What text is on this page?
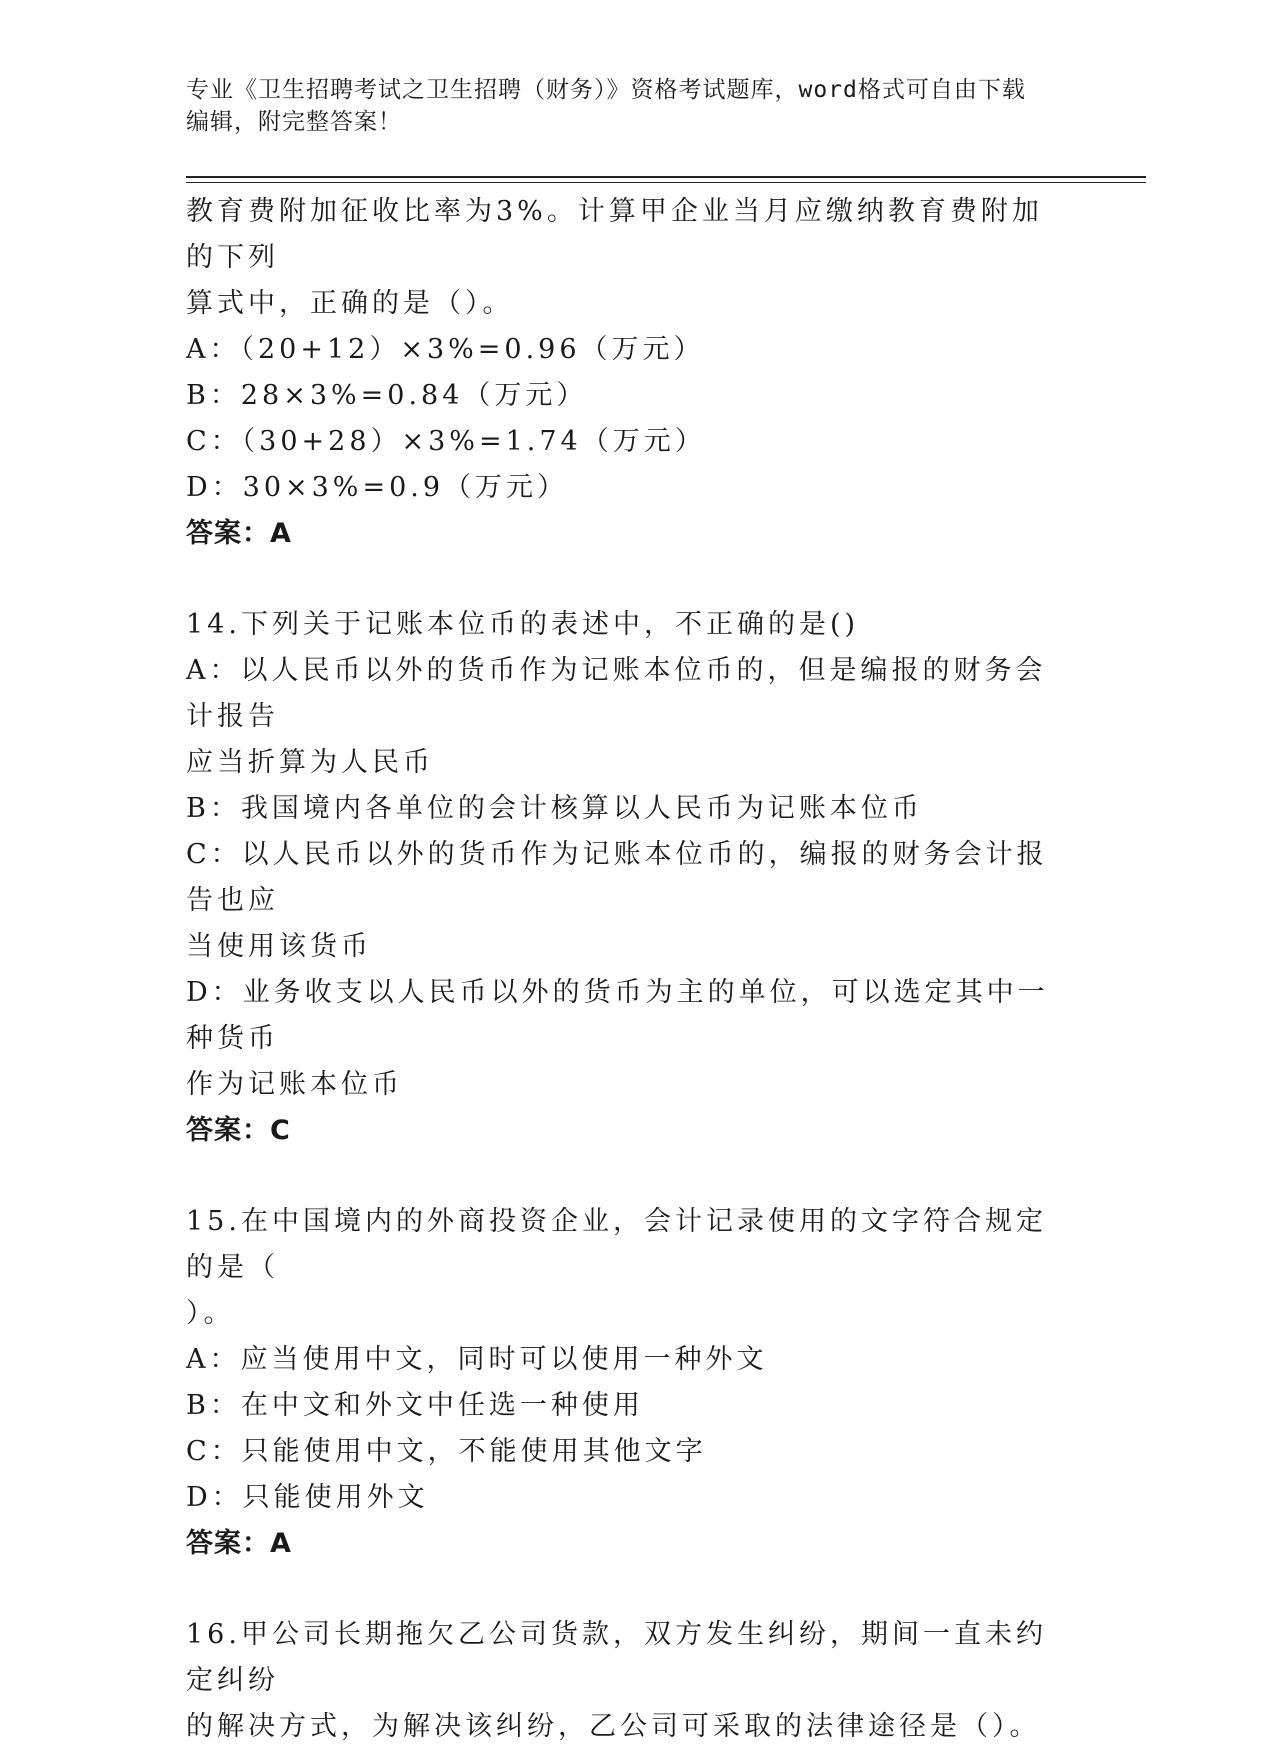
专业《卫生招聘考试之卫生招聘（财务）》资格考试题库，word格式可自由下载
编辑，附完整答案！

教育费附加征收比率为3%。计算甲企业当月应缴纳教育费附加的下列

算式中，正确的是（）。

A：（20+12）×3%=0.96（万元）

B：28×3%=0.84（万元）

C：（30+28）×3%=1.74（万元）

D：30×3%=0.9（万元）

答案：A

14.下列关于记账本位币的表述中，不正确的是()

A：以人民币以外的货币作为记账本位币的，但是编报的财务会计报告

应当折算为人民币

B：我国境内各单位的会计核算以人民币为记账本位币

C：以人民币以外的货币作为记账本位币的，编报的财务会计报告也应

当使用该货币

D：业务收支以人民币以外的货币为主的单位，可以选定其中一种货币

作为记账本位币

答案：C

15.在中国境内的外商投资企业，会计记录使用的文字符合规定的是（

）。

A：应当使用中文，同时可以使用一种外文

B：在中文和外文中任选一种使用

C：只能使用中文，不能使用其他文字

D：只能使用外文

答案：A

16.甲公司长期拖欠乙公司货款，双方发生纠纷，期间一直未约定纠纷

的解决方式，为解决该纠纷，乙公司可采取的法律途径是（）。
